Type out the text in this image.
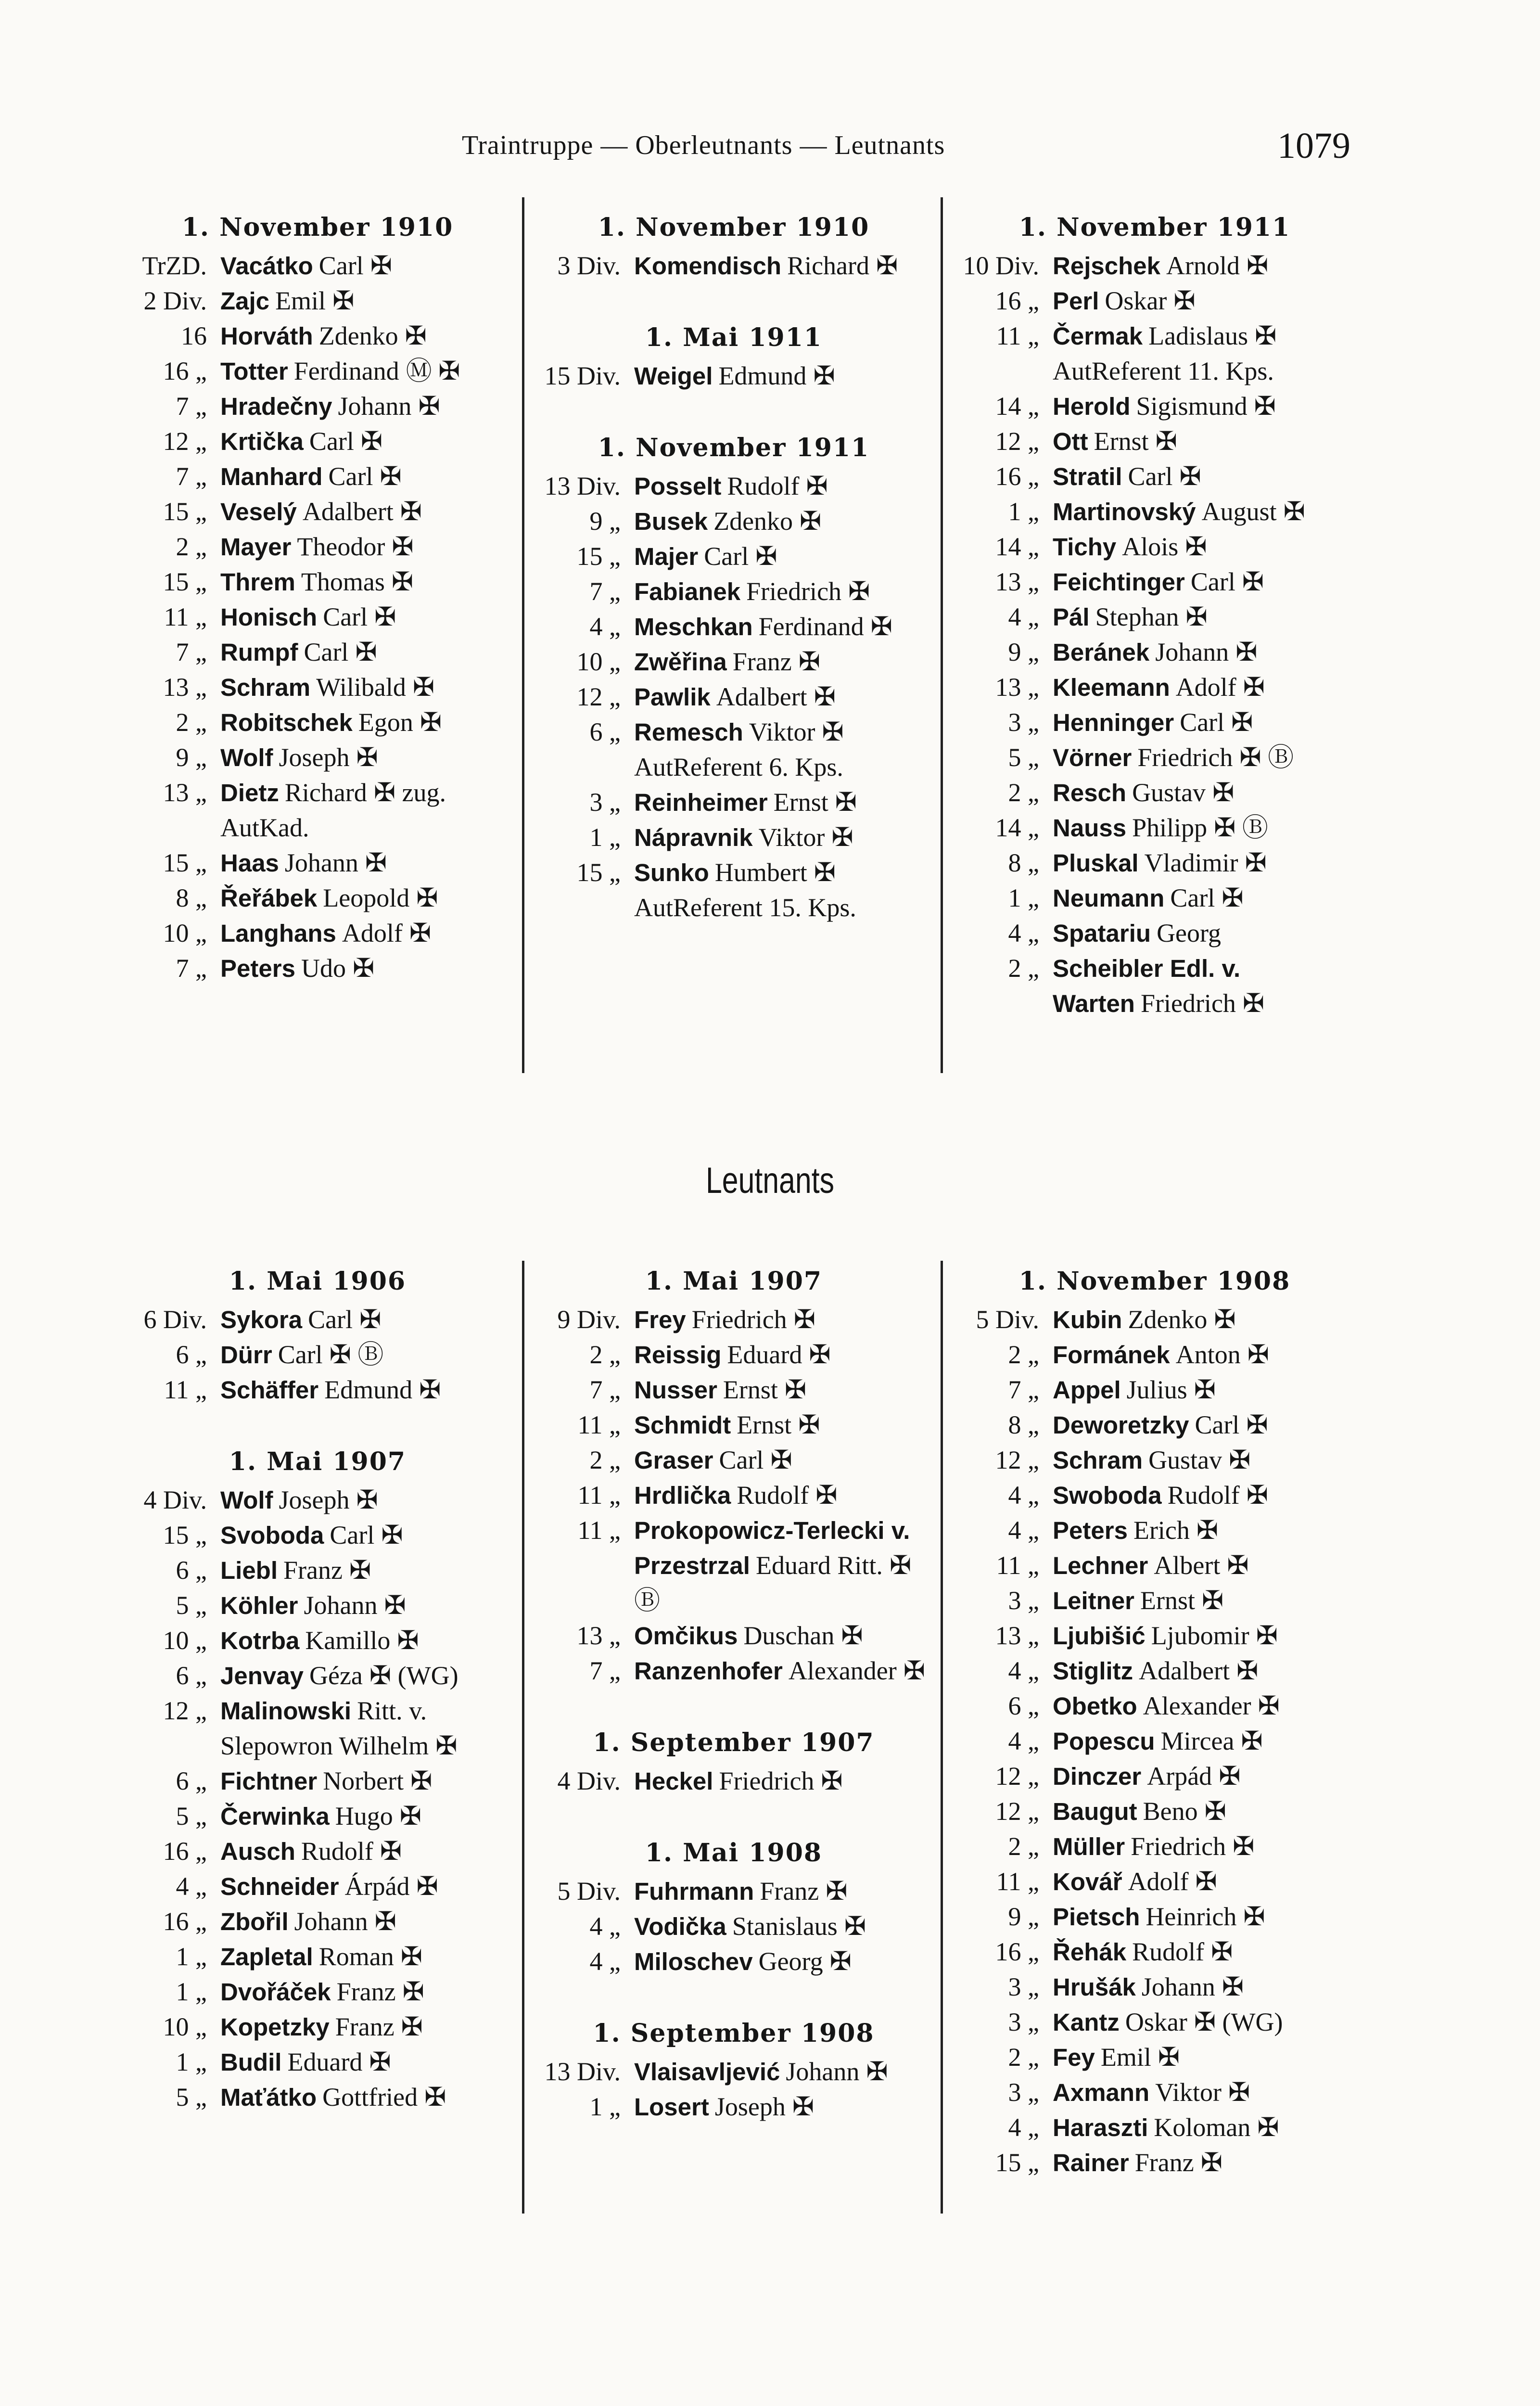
Traintruppe — Oberleutnants — Leutnants	1079
1. November 1910
TrZD. Vacátko Carl ✠
2 Div. Zajc Emil ✠
16 Horváth Zdenko ✠
16 „ Totter Ferdinand Ⓜ ✠
7 „ Hradečny Johann ✠
12 „ Krtička Carl ✠
7 „ Manhard Carl ✠
15 „ Veselý Adalbert ✠
2 „ Mayer Theodor ✠
15 „ Threm Thomas ✠
11 „ Honisch Carl ✠
7 „ Rumpf Carl ✠
13 „ Schram Wilibald ✠
2 „ Robitschek Egon ✠
9 „ Wolf Joseph ✠
13 „ Dietz Richard ✠ zug.
AutKad.
15 „ Haas Johann ✠
8 „ Řeřábek Leopold ✠
10 „ Langhans Adolf ✠
7 „ Peters Udo ✠
1. November 1910
3 Div. Komendisch Richard ✠
1. Mai 1911
15 Div. Weigel Edmund ✠
1. November 1911
13 Div. Posselt Rudolf ✠
9 „ Busek Zdenko ✠
15 „ Majer Carl ✠
7 „ Fabianek Friedrich ✠
4 „ Meschkan Ferdinand ✠
10 „ Zwěřina Franz ✠
12 „ Pawlik Adalbert ✠
6 „ Remesch Viktor ✠
AutReferent 6. Kps.
3 „ Reinheimer Ernst ✠
1 „ Nápravnik Viktor ✠
15 „ Sunko Humbert ✠
AutReferent 15. Kps.
1. November 1911
10 Div. Rejschek Arnold ✠
16 „ Perl Oskar ✠
11 „ Čermak Ladislaus ✠
AutReferent 11. Kps.
14 „ Herold Sigismund ✠
12 „ Ott Ernst ✠
16 „ Stratil Carl ✠
1 „ Martinovský August ✠
14 „ Tichy Alois ✠
13 „ Feichtinger Carl ✠
4 „ Pál Stephan ✠
9 „ Beránek Johann ✠
13 „ Kleemann Adolf ✠
3 „ Henninger Carl ✠
5 „ Vörner Friedrich ✠ Ⓑ
2 „ Resch Gustav ✠
14 „ Nauss Philipp ✠ Ⓑ
8 „ Pluskal Vladimir ✠
1 „ Neumann Carl ✠
4 „ Spatariu Georg
2 „ Scheibler Edl. v. Warten Friedrich ✠
Leutnants
1. Mai 1906
6 Div. Sykora Carl ✠
6 „ Dürr Carl ✠ Ⓑ
11 „ Schäffer Edmund ✠
1. Mai 1907
4 Div. Wolf Joseph ✠
15 „ Svoboda Carl ✠
6 „ Liebl Franz ✠
5 „ Köhler Johann ✠
10 „ Kotrba Kamillo ✠
6 „ Jenvay Géza ✠ (WG)
12 „ Malinowski Ritt. v. Slepowron Wilhelm ✠
6 „ Fichtner Norbert ✠
5 „ Čerwinka Hugo ✠
16 „ Ausch Rudolf ✠
4 „ Schneider Árpád ✠
16 „ Zbořil Johann ✠
1 „ Zapletal Roman ✠
1 „ Dvořáček Franz ✠
10 „ Kopetzky Franz ✠
1 „ Budil Eduard ✠
5 „ Maťátko Gottfried ✠
1. Mai 1907
9 Div. Frey Friedrich ✠
2 „ Reissig Eduard ✠
7 „ Nusser Ernst ✠
11 „ Schmidt Ernst ✠
2 „ Graser Carl ✠
11 „ Hrdlička Rudolf ✠
11 „ Prokopowicz-Terlecki v. Przestrzal Eduard Ritt. ✠ Ⓑ
13 „ Omčikus Duschan ✠
7 „ Ranzenhofer Alexander ✠
1. September 1907
4 Div. Heckel Friedrich ✠
1. Mai 1908
5 Div. Fuhrmann Franz ✠
4 „ Vodička Stanislaus ✠
4 „ Miloschev Georg ✠
1. September 1908
13 Div. Vlaisavljević Johann ✠
1 „ Losert Joseph ✠
1. November 1908
5 Div. Kubin Zdenko ✠
2 „ Formánek Anton ✠
7 „ Appel Julius ✠
8 „ Deworetzky Carl ✠
12 „ Schram Gustav ✠
4 „ Swoboda Rudolf ✠
4 „ Peters Erich ✠
11 „ Lechner Albert ✠
3 „ Leitner Ernst ✠
13 „ Ljubišić Ljubomir ✠
4 „ Stiglitz Adalbert ✠
6 „ Obetko Alexander ✠
4 „ Popescu Mircea ✠
12 „ Dinczer Arpád ✠
12 „ Baugut Beno ✠
2 „ Müller Friedrich ✠
11 „ Kovář Adolf ✠
9 „ Pietsch Heinrich ✠
16 „ Řehák Rudolf ✠
3 „ Hrušák Johann ✠
3 „ Kantz Oskar ✠ (WG)
2 „ Fey Emil ✠
3 „ Axmann Viktor ✠
4 „ Haraszti Koloman ✠
15 „ Rainer Franz ✠
